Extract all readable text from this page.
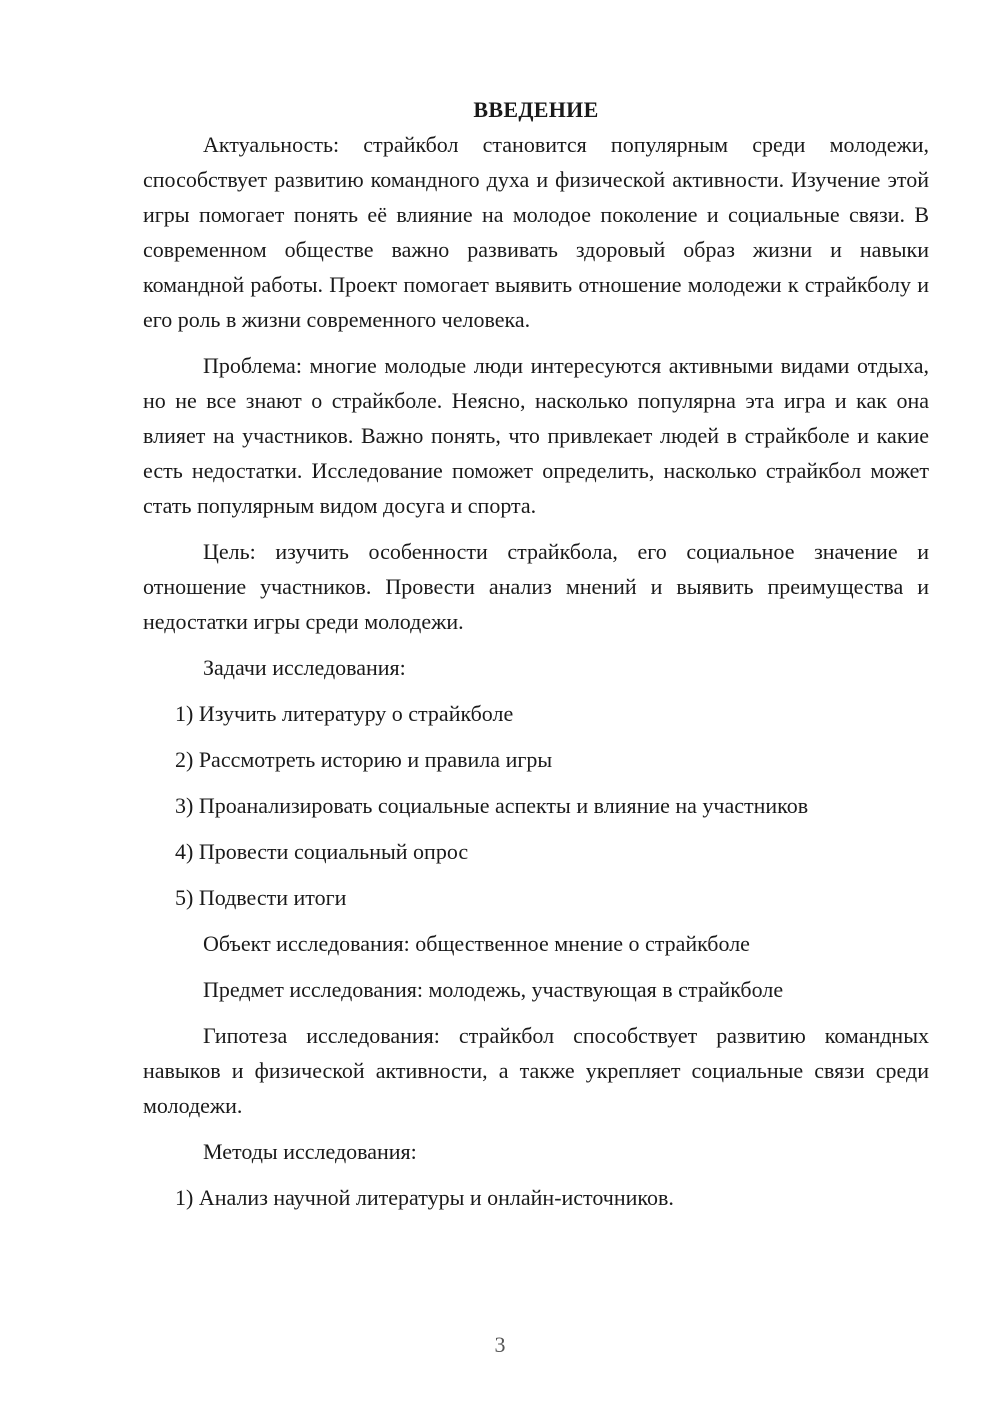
ВВЕДЕНИЕ

Актуальность: страйкбол становится популярным среди молодежи, способствует развитию командного духа и физической активности. Изучение этой игры помогает понять её влияние на молодое поколение и социальные связи. В современном обществе важно развивать здоровый образ жизни и навыки командной работы. Проект помогает выявить отношение молодежи к страйкболу и его роль в жизни современного человека.

Проблема: многие молодые люди интересуются активными видами отдыха, но не все знают о страйкболе. Неясно, насколько популярна эта игра и как она влияет на участников. Важно понять, что привлекает людей в страйкболе и какие есть недостатки. Исследование поможет определить, насколько страйкбол может стать популярным видом досуга и спорта.

Цель: изучить особенности страйкбола, его социальное значение и отношение участников. Провести анализ мнений и выявить преимущества и недостатки игры среди молодежи.

Задачи исследования:
1) Изучить литературу о страйкболе
2) Рассмотреть историю и правила игры
3) Проанализировать социальные аспекты и влияние на участников
4) Провести социальный опрос
5) Подвести итоги
Объект исследования: общественное мнение о страйкболе
Предмет исследования: молодежь, участвующая в страйкболе

Гипотеза исследования: страйкбол способствует развитию командных навыков и физической активности, а также укрепляет социальные связи среди молодежи.

Методы исследования:
1) Анализ научной литературы и онлайн-источников.
3
